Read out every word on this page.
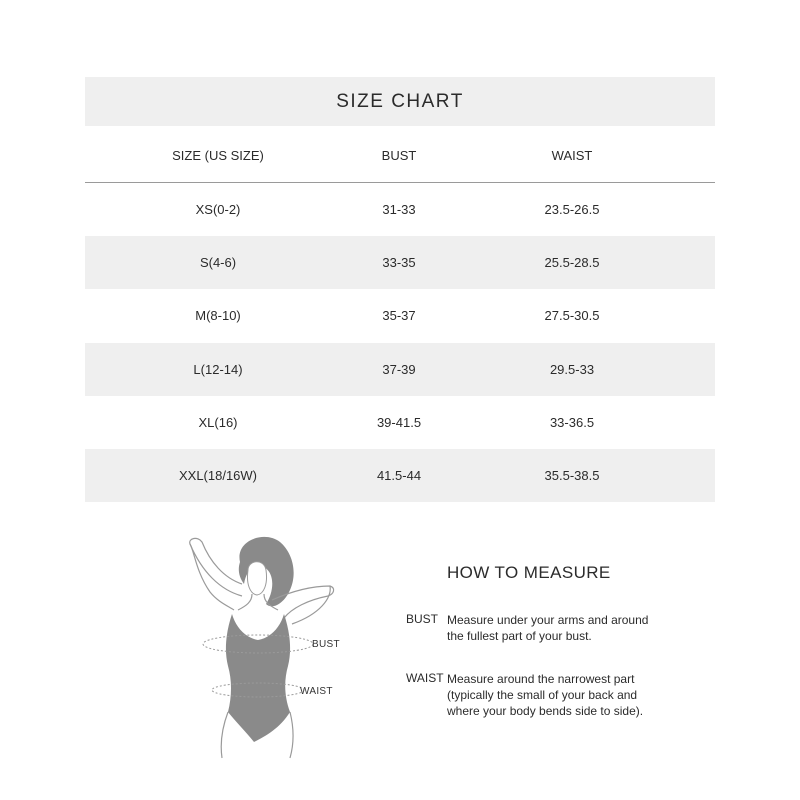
SIZE CHART
SIZE (US SIZE)	BUST	WAIST
XS(0-2)	31-33	23.5-26.5
S(4-6)	33-35	25.5-28.5
M(8-10)	35-37	27.5-30.5
L(12-14)	37-39	29.5-33
XL(16)	39-41.5	33-36.5
XXL(18/16W)	41.5-44	35.5-38.5
BUST
WAIST
HOW TO MEASURE
BUST Measure under your arms and around
the fullest part of your bust.
WAIST Measure around the narrowest part
(typically the small of your back and
where your body bends side to side).
